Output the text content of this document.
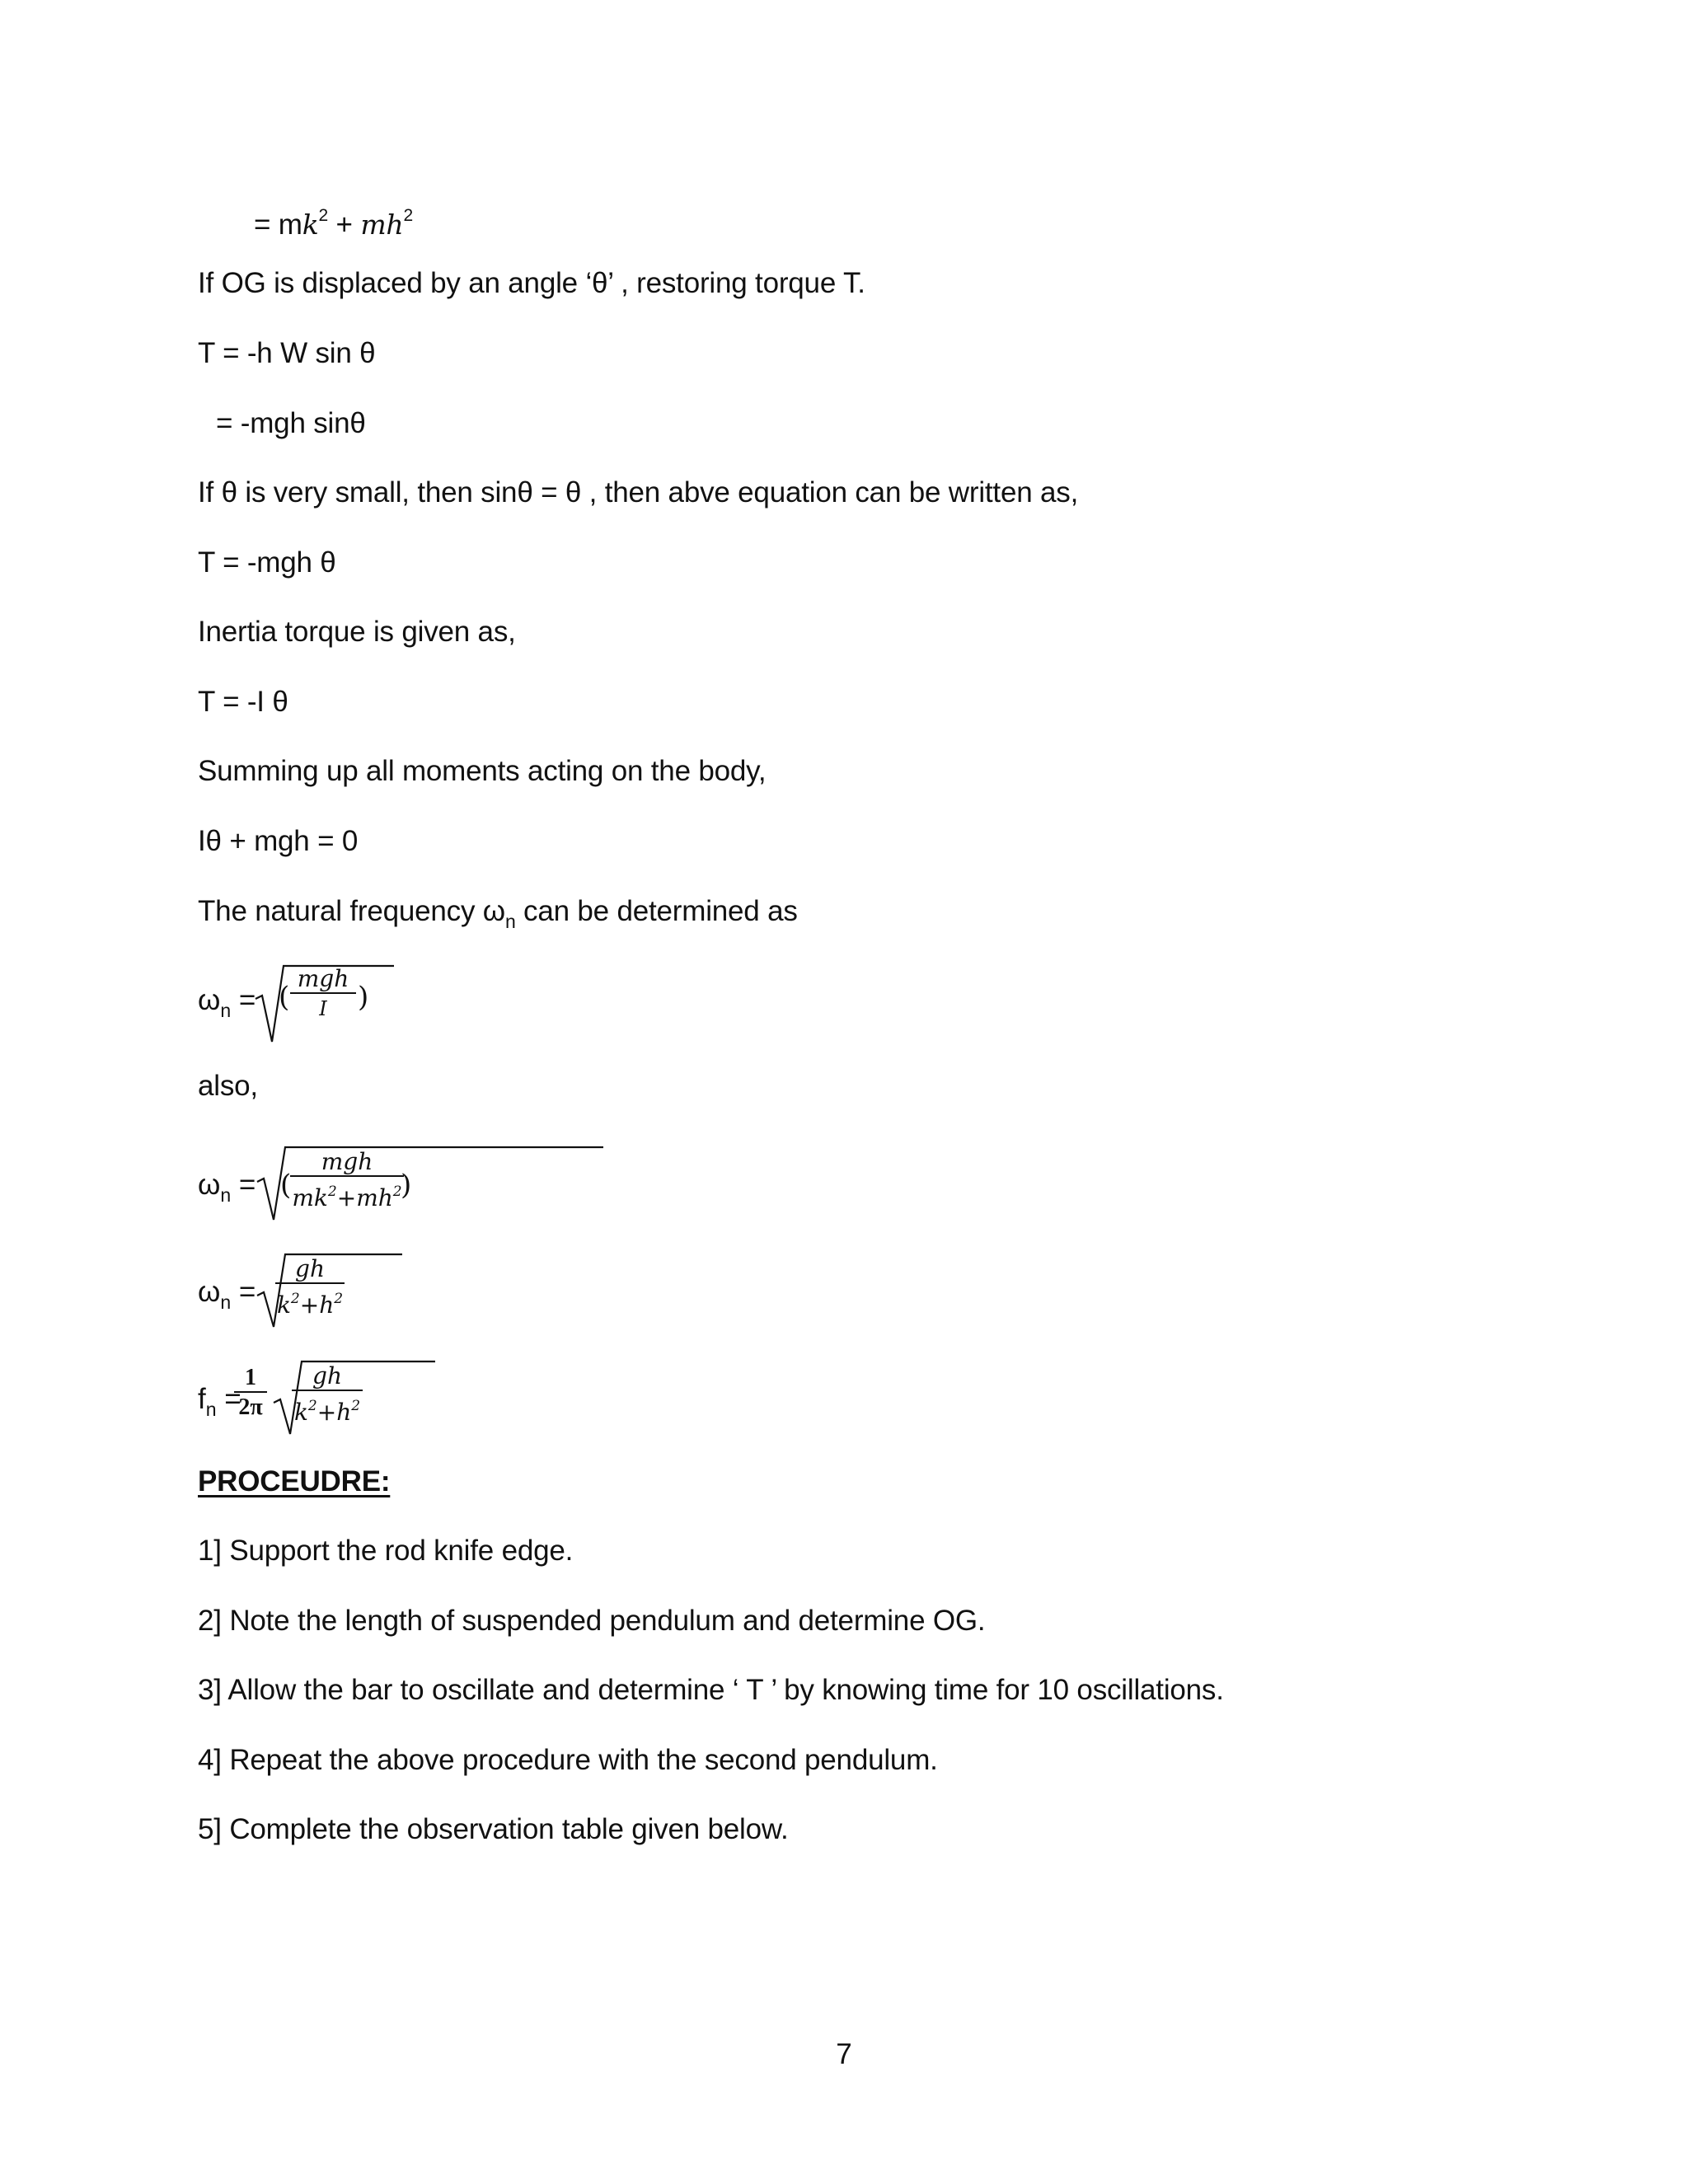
= $mk^2 + mh^2$
If OG is displaced by an angle ‘θ’ , restoring torque T.
T = -h W sin θ
= -mgh sinθ
If θ is very small, then sinθ = θ , then abve equation can be written as,
T = -mgh θ
Inertia torque is given as,
T = -I θ
Summing up all moments acting on the body,
Iθ + mgh = 0
The natural frequency $\omega_n$ can be determined as
$\omega_n$ = (
mgh
I	)
also,
$\omega_n$ = (
mgh
$mk^2+mh^2$
)
$\omega_n = \frac{gh}{k^2+h^2}$
$f_n$ =
$\frac{1}{2\pi} \frac{gh}{k^2+h^2}$
PROCEUDRE:
1] Support the rod knife edge.
2] Note the length of suspended pendulum and determine OG.
3] Allow the bar to oscillate and determine ‘ T ’ by knowing time for 10 oscillations.
4] Repeat the above procedure with the second pendulum.
5] Complete the observation table given below.
7
